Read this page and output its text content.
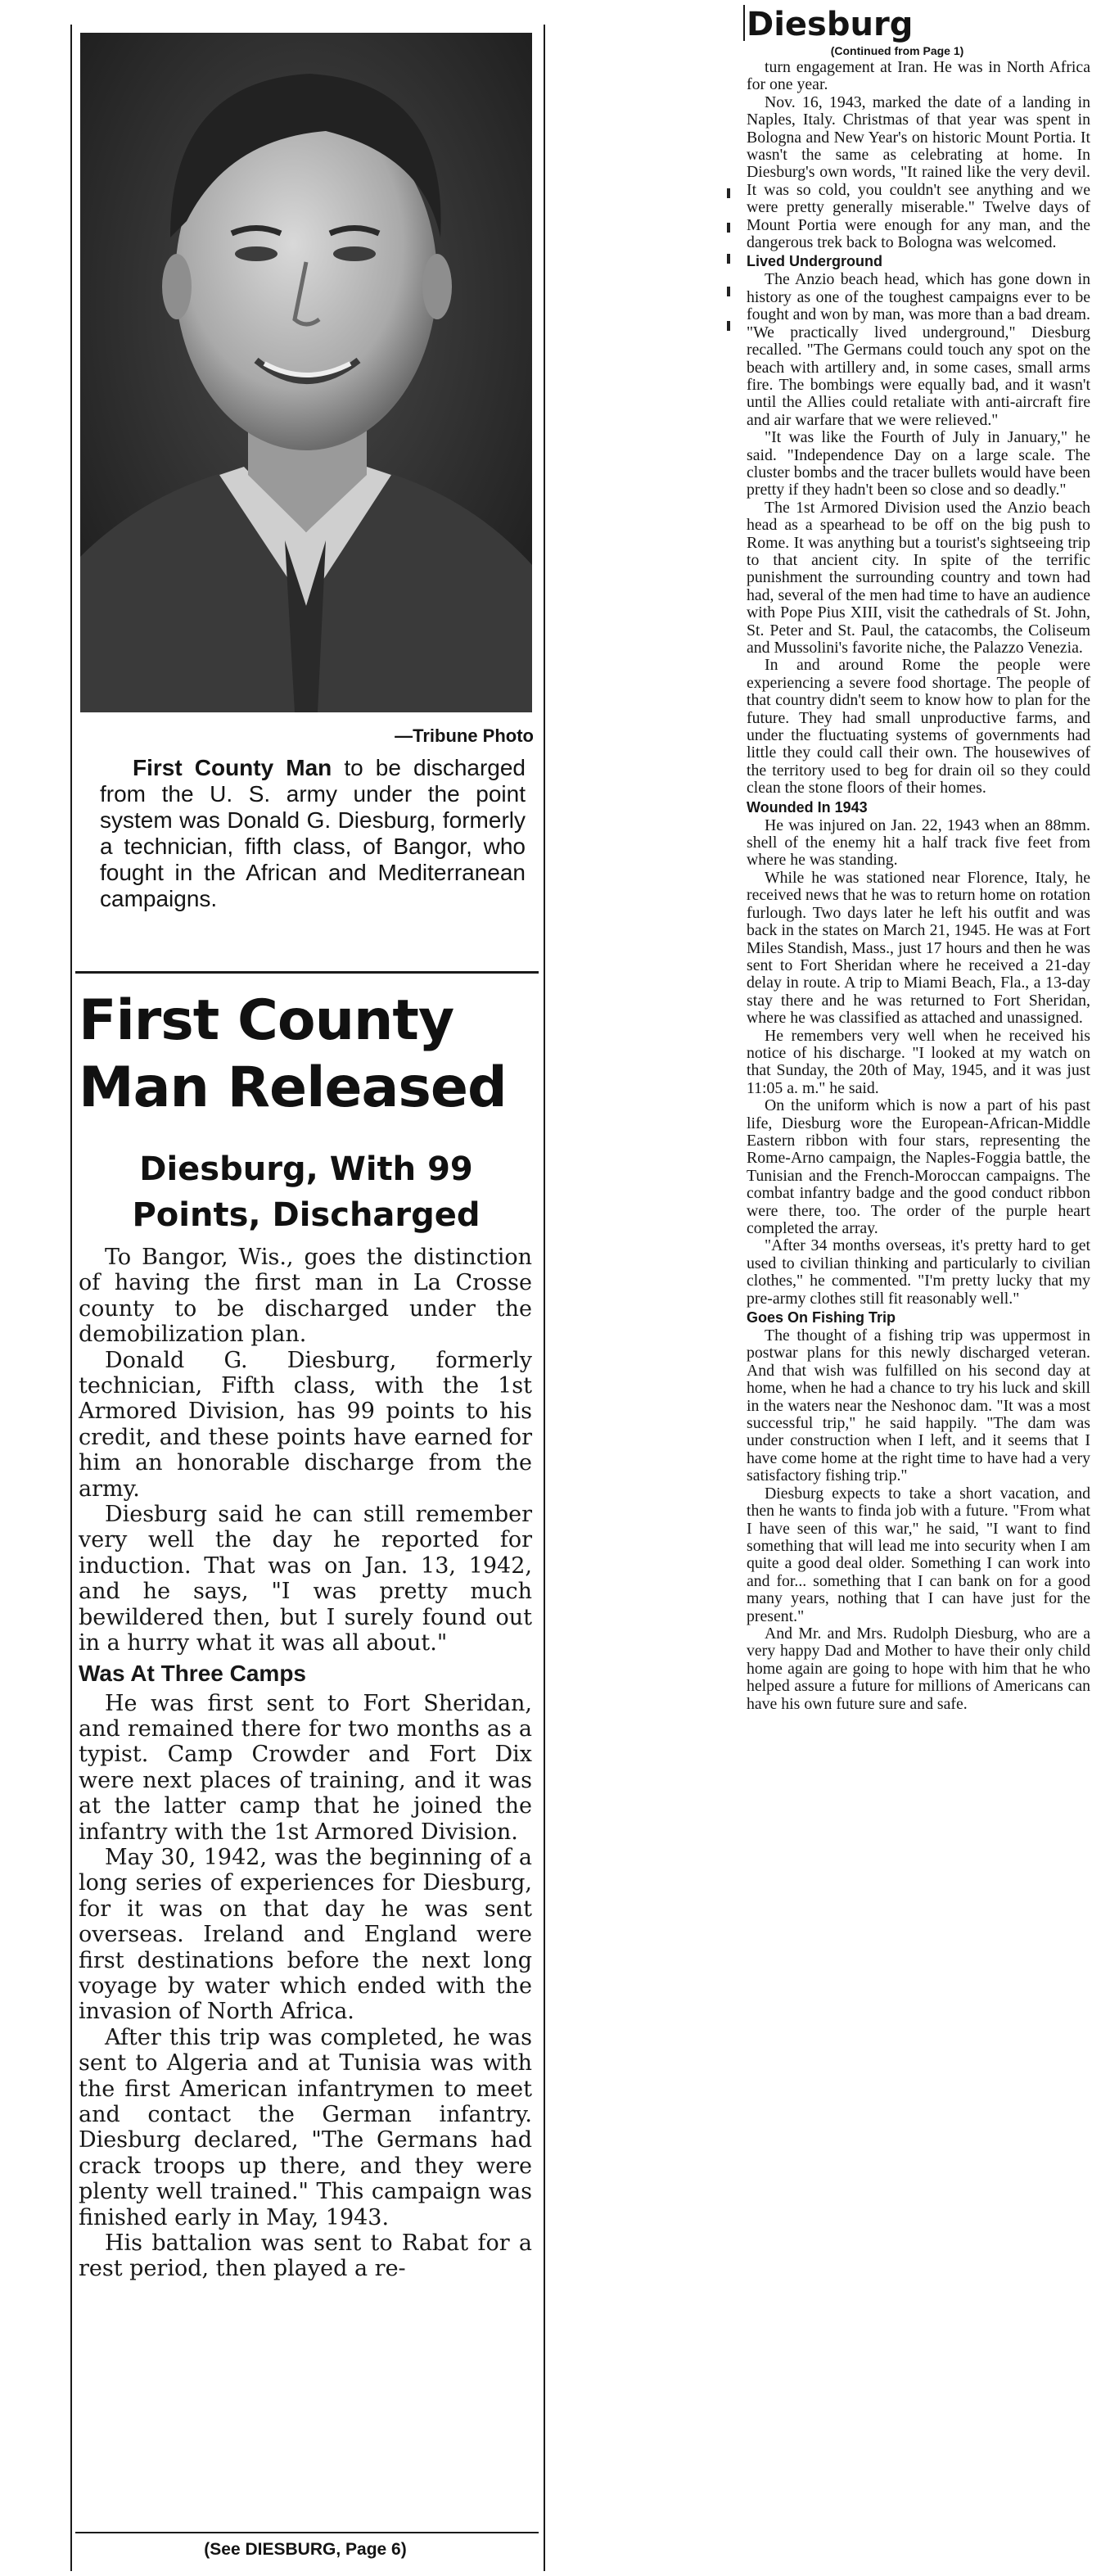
—Tribune Photo
First County Man to be discharged from the U. S. army under the point system was Donald G. Diesburg, formerly a technician, fifth class, of Bangor, who fought in the African and Mediterranean campaigns.
First County Man Released
Diesburg, With 99 Points, Discharged

To Bangor, Wis., goes the distinction of having the first man in La Crosse county to be discharged under the demobilization plan.

Donald G. Diesburg, formerly technician, Fifth class, with the 1st Armored Division, has 99 points to his credit, and these points have earned for him an honorable discharge from the army.

Diesburg said he can still remember very well the day he reported for induction. That was on Jan. 13, 1942, and he says, "I was pretty much bewildered then, but I surely found out in a hurry what it was all about."

Was At Three Camps

He was first sent to Fort Sheridan, and remained there for two months as a typist. Camp Crowder and Fort Dix were next places of training, and it was at the latter camp that he joined the infantry with the 1st Armored Division.

May 30, 1942, was the beginning of a long series of experiences for Diesburg, for it was on that day he was sent overseas. Ireland and England were first destinations before the next long voyage by water which ended with the invasion of North Africa.

After this trip was completed, he was sent to Algeria and at Tunisia was with the first American infantrymen to meet and contact the German infantry. Diesburg declared, "The Germans had crack troops up there, and they were plenty well trained." This campaign was finished early in May, 1943.

His battalion was sent to Rabat for a rest period, then played a re-

(See DIESBURG, Page 6)
Diesburg
(Continued from Page 1)

turn engagement at Iran. He was in North Africa for one year.

Nov. 16, 1943, marked the date of a landing in Naples, Italy. Christmas of that year was spent in Bologna and New Year's on historic Mount Portia. It wasn't the same as celebrating at home. In Diesburg's own words, "It rained like the very devil. It was so cold, you couldn't see anything and we were pretty generally miserable." Twelve days of Mount Portia were enough for any man, and the dangerous trek back to Bologna was welcomed.

Lived Underground

The Anzio beach head, which has gone down in history as one of the toughest campaigns ever to be fought and won by man, was more than a bad dream. "We practically lived underground," Diesburg recalled. "The Germans could touch any spot on the beach with artillery and, in some cases, small arms fire. The bombings were equally bad, and it wasn't until the Allies could retaliate with anti-aircraft fire and air warfare that we were relieved."

"It was like the Fourth of July in January," he said. "Independence Day on a large scale. The cluster bombs and the tracer bullets would have been pretty if they hadn't been so close and so deadly."

The 1st Armored Division used the Anzio beach head as a spearhead to be off on the big push to Rome. It was anything but a tourist's sightseeing trip to that ancient city. In spite of the terrific punishment the surrounding country and town had had, several of the men had time to have an audience with Pope Pius XIII, visit the cathedrals of St. John, St. Peter and St. Paul, the catacombs, the Coliseum and Mussolini's favorite niche, the Palazzo Venezia.

In and around Rome the people were experiencing a severe food shortage. The people of that country didn't seem to know how to plan for the future. They had small unproductive farms, and under the fluctuating systems of governments had little they could call their own. The housewives of the territory used to beg for drain oil so they could clean the stone floors of their homes.

Wounded In 1943

He was injured on Jan. 22, 1943 when an 88mm. shell of the enemy hit a half track five feet from where he was standing.

While he was stationed near Florence, Italy, he received news that he was to return home on rotation furlough. Two days later he left his outfit and was back in the states on March 21, 1945. He was at Fort Miles Standish, Mass., just 17 hours and then he was sent to Fort Sheridan where he received a 21-day delay in route. A trip to Miami Beach, Fla., a 13-day stay there and he was returned to Fort Sheridan, where he was classified as attached and unassigned.

He remembers very well when he received his notice of his discharge. "I looked at my watch on that Sunday, the 20th of May, 1945, and it was just 11:05 a. m." he said.

On the uniform which is now a part of his past life, Diesburg wore the European-African-Middle Eastern ribbon with four stars, representing the Rome-Arno campaign, the Naples-Foggia battle, the Tunisian and the French-Moroccan campaigns. The combat infantry badge and the good conduct ribbon were there, too. The order of the purple heart completed the array.

"After 34 months overseas, it's pretty hard to get used to civilian thinking and particularly to civilian clothes," he commented. "I'm pretty lucky that my pre-army clothes still fit reasonably well."

Goes On Fishing Trip

The thought of a fishing trip was uppermost in postwar plans for this newly discharged veteran. And that wish was fulfilled on his second day at home, when he had a chance to try his luck and skill in the waters near the Neshonoc dam. "It was a most successful trip," he said happily. "The dam was under construction when I left, and it seems that I have come home at the right time to have had a very satisfactory fishing trip."

Diesburg expects to take a short vacation, and then he wants to finda job with a future. "From what I have seen of this war," he said, "I want to find something that will lead me into security when I am quite a good deal older. Something I can work into and for... something that I can bank on for a good many years, nothing that I can have just for the present."

And Mr. and Mrs. Rudolph Diesburg, who are a very happy Dad and Mother to have their only child home again are going to hope with him that he who helped assure a future for millions of Americans can have his own future sure and safe.
